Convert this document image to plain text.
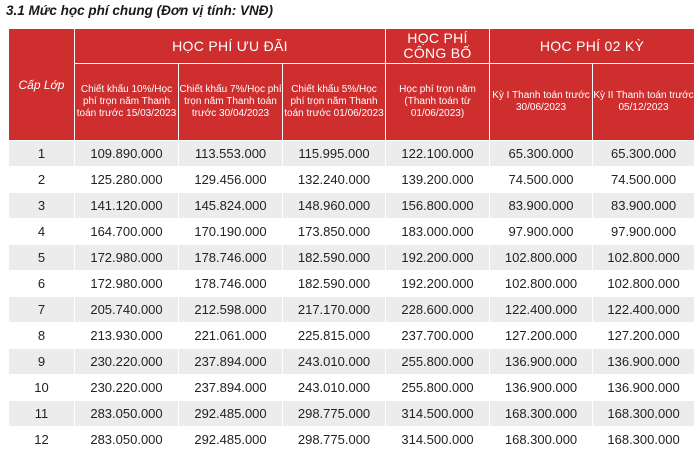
3.1 Mức học phí chung (Đơn vị tính: VNĐ)
Cấp Lớp	HỌC PHÍ ƯU ĐÃI			HỌC PHÍ CÔNG BỐ	HỌC PHÍ 02 KỲ	
	Chiết khấu 10%/Học phí trọn năm Thanh toán trước 15/03/2023	Chiết khấu 7%/Học phí trọn năm Thanh toán trước 30/04/2023	Chiết khấu 5%/Học phí trọn năm Thanh toán trước 01/06/2023	Học phí trọn năm (Thanh toán từ 01/06/2023)	Kỳ I Thanh toán trước 30/06/2023	Kỳ II Thanh toán trước 05/12/2023
1	109.890.000	113.553.000	115.995.000	122.100.000	65.300.000	65.300.000
2	125.280.000	129.456.000	132.240.000	139.200.000	74.500.000	74.500.000
3	141.120.000	145.824.000	148.960.000	156.800.000	83.900.000	83.900.000
4	164.700.000	170.190.000	173.850.000	183.000.000	97.900.000	97.900.000
5	172.980.000	178.746.000	182.590.000	192.200.000	102.800.000	102.800.000
6	172.980.000	178.746.000	182.590.000	192.200.000	102.800.000	102.800.000
7	205.740.000	212.598.000	217.170.000	228.600.000	122.400.000	122.400.000
8	213.930.000	221.061.000	225.815.000	237.700.000	127.200.000	127.200.000
9	230.220.000	237.894.000	243.010.000	255.800.000	136.900.000	136.900.000
10	230.220.000	237.894.000	243.010.000	255.800.000	136.900.000	136.900.000
11	283.050.000	292.485.000	298.775.000	314.500.000	168.300.000	168.300.000
12	283.050.000	292.485.000	298.775.000	314.500.000	168.300.000	168.300.000
